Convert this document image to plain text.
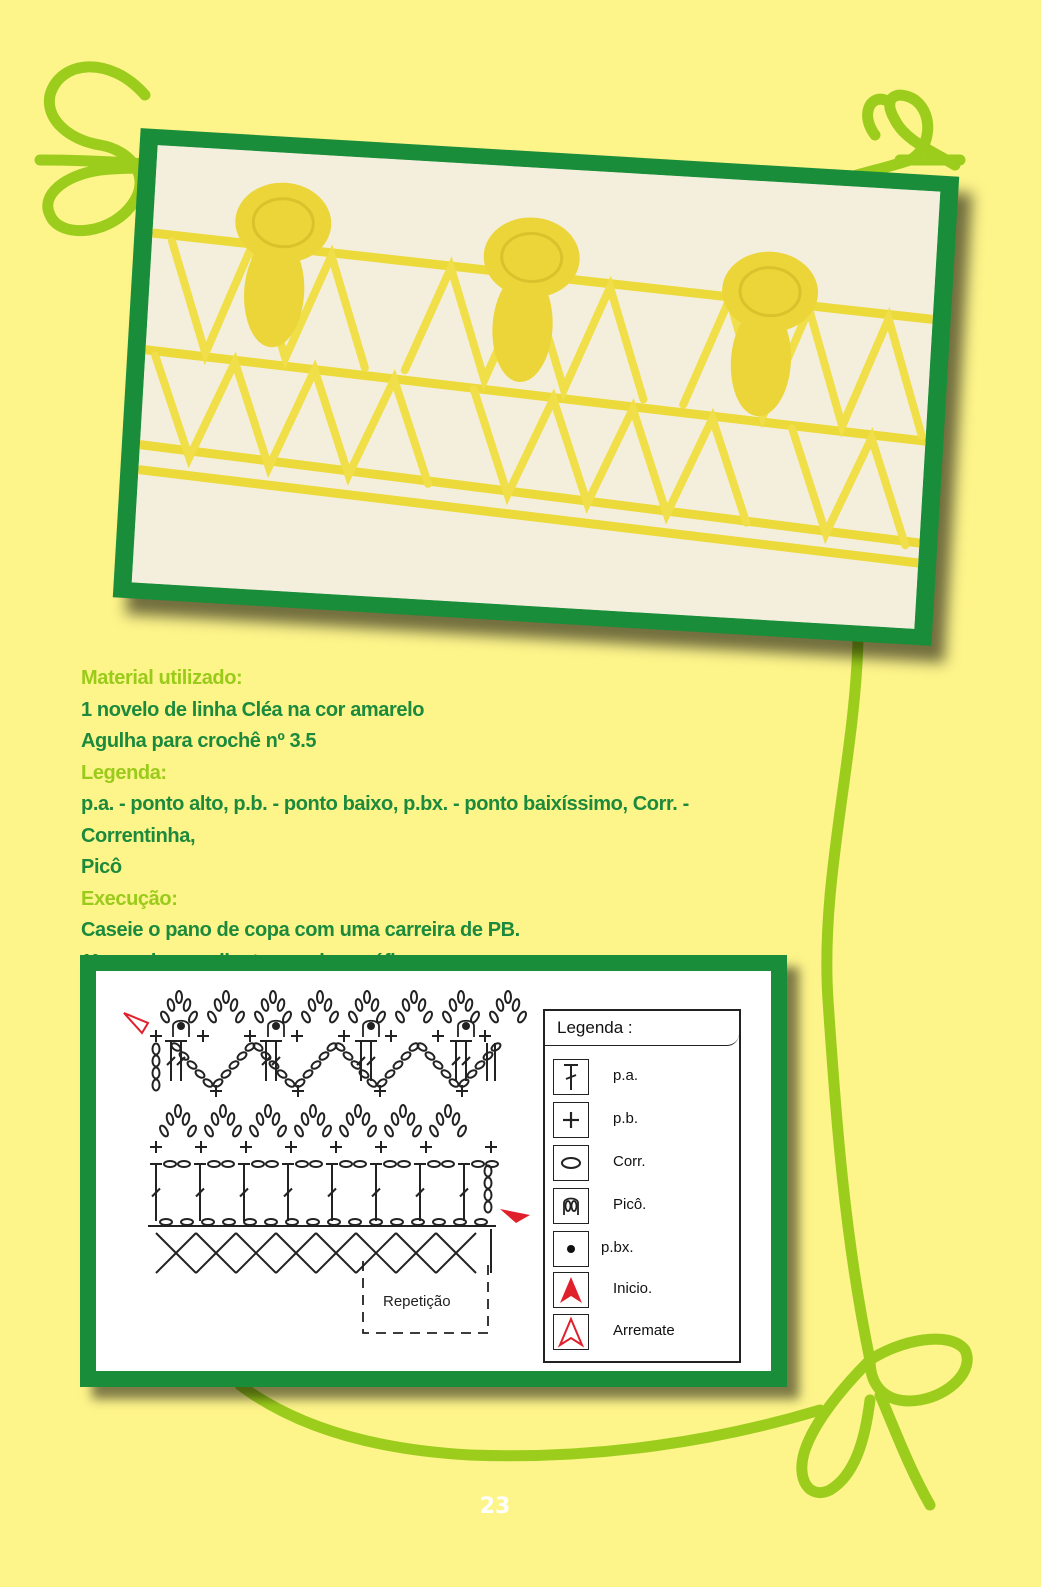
Material utilizado:
1 novelo de linha Cléa na cor amarelo
Agulha para crochê nº 3.5
Legenda:
p.a. - ponto alto, p.b. - ponto baixo, p.bx. - ponto baixíssimo, Corr. - Correntinha,
Picô
Execução:
Caseie o pano de copa com uma carreira de PB.
Repetição
Legenda :
p.a.
p.b.
Corr.
Picô.
p.bx.
Inicio.
Arremate
23
